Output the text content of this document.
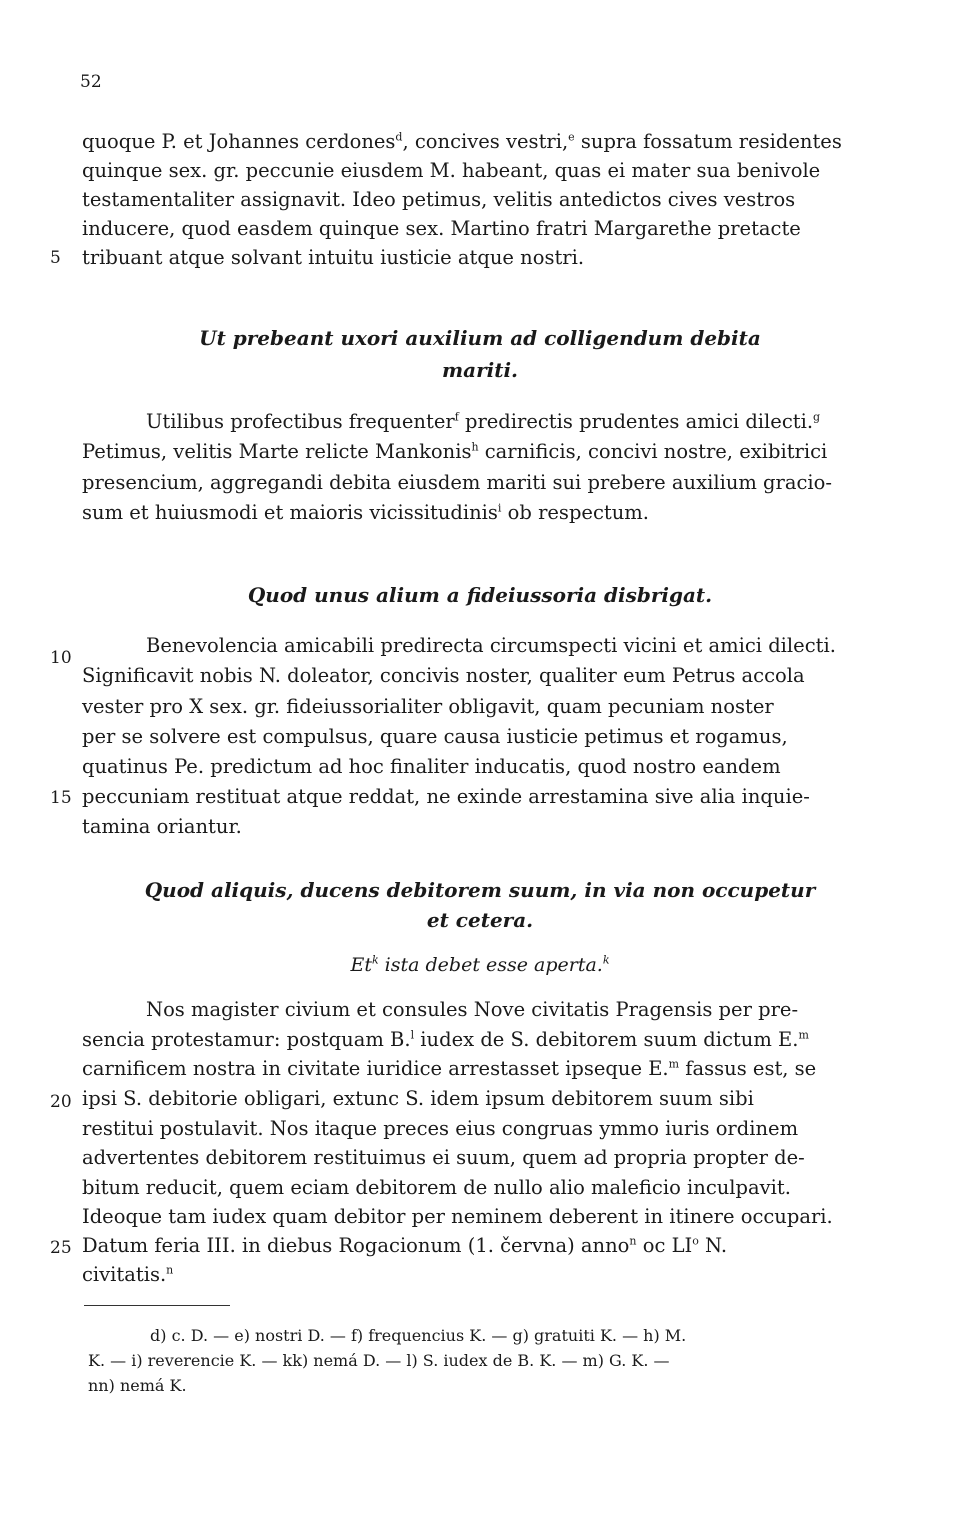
52
quoque P. et Johannes cerdones$^d$, concives vestri,$^e$ supra fossatum residentes
quinque sex. gr. peccunie eiusdem M. habeant, quas ei mater sua benivole
testamentaliter assignavit. Ideo petimus, velitis antedictos cives vestros
inducere, quod easdem quinque sex. Martino fratri Margarethe pretacte
5 tribuant atque solvant intuitu iusticie atque nostri.
Ut prebeant uxori auxilium ad colligendum debita
mariti.
Utilibus profectibus frequenter$^f$ predirectis prudentes amici dilecti.$^g$
Petimus, velitis Marte relicte Mankonis$^h$ carnificis, concivi nostre, exibitrici
presencium, aggregandi debita eiusdem mariti sui prebere auxilium gracio-
sum et huiusmodi et maioris vicissitudinis$^i$ ob respectum.
Quod unus alium a fideiussoria disbrigat.
10
Benevolencia amicabili predirecta circumspecti vicini et amici dilecti.
Significavit nobis N. doleator, concivis noster, qualiter eum Petrus accola
vester pro X sex. gr. fideiussorialiter obligavit, quam pecuniam noster
per se solvere est compulsus, quare causa iusticie petimus et rogamus,
quatinus Pe. predictum ad hoc finaliter inducatis, quod nostro eandem
15 peccuniam restituat atque reddat, ne exinde arrestamina sive alia inquie-
tamina oriantur.
Quod aliquis, ducens debitorem suum, in via non occupetur
et cetera.
Et$^k$ ista debet esse aperta.$^k$
Nos magister civium et consules Nove civitatis Pragensis per pre-
sencia protestamur: postquam B.$^l$ iudex de S. debitorem suum dictum E.$^m$
carnificem nostra in civitate iuridice arrestasset ipseque E.$^m$ fassus est, se
20 ipsi S. debitorie obligari, extunc S. idem ipsum debitorem suum sibi
restitui postulavit. Nos itaque preces eius congruas ymmo iuris ordinem
advertentes debitorem restituimus ei suum, quem ad propria propter de-
bitum reducit, quem eciam debitorem de nullo alio maleficio inculpavit.
Ideoque tam iudex quam debitor per neminem deberent in itinere occupari.
25 Datum feria III. in diebus Rogacionum (1. června) anno$^n$ oc $LI^o$ N.
civitatis.$^n$
d) c. D. — e) nostri D. — f) frequencius K. — g) gratuiti K. — h) M.
K. — i) reverencie K. — kk) nemá D. — l) S. iudex de B. K. — m) G. K. —
nn) nemá K.
